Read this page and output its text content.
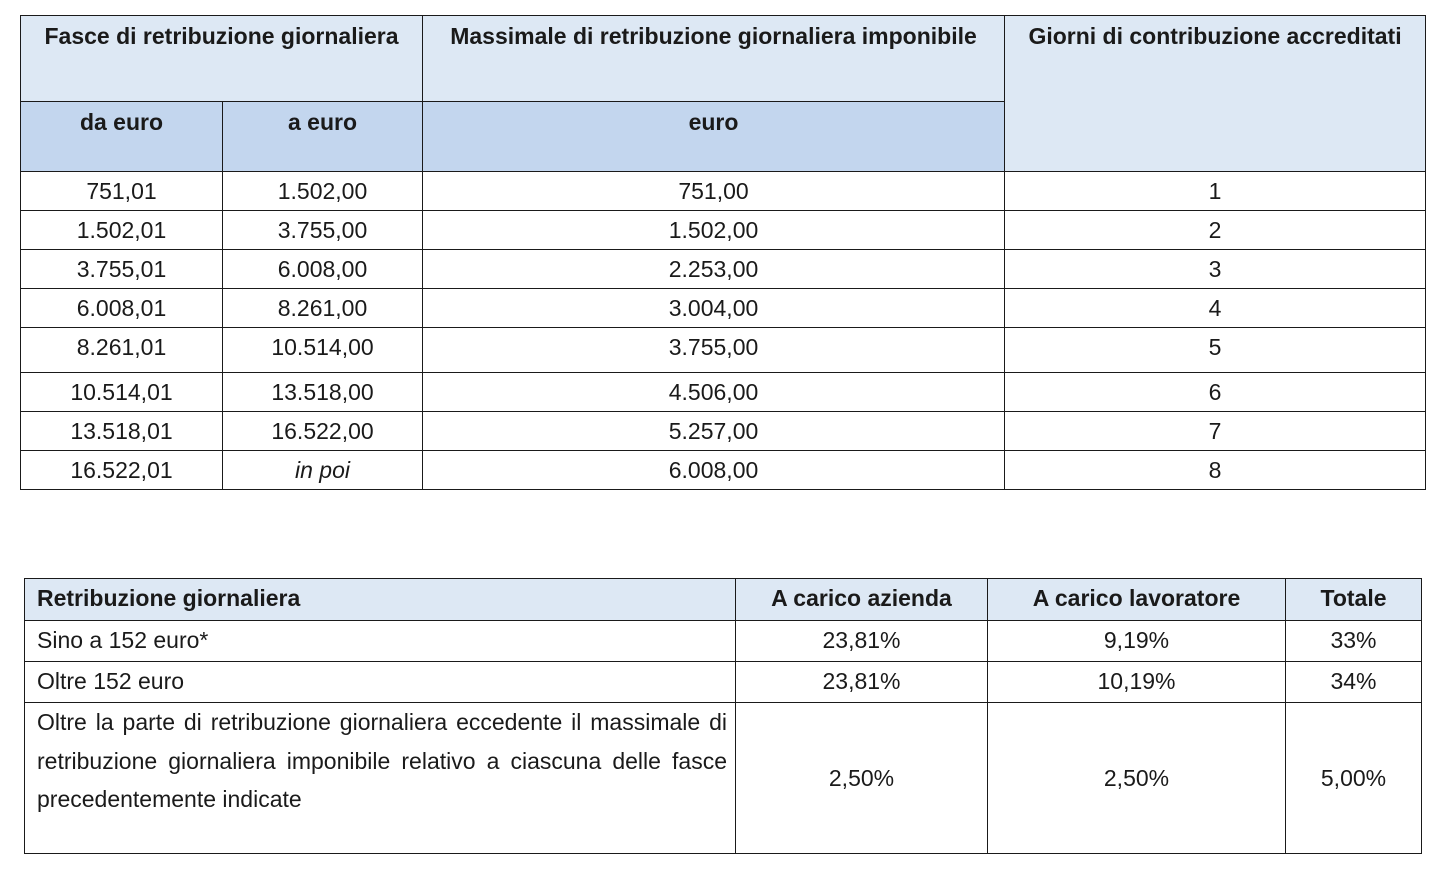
Fasce di retribuzione giornaliera		Massimale di retribuzione giornaliera imponibile	Giorni di contribuzione accreditati
da euro	a euro	euro	
751,01	1.502,00	751,00	1
1.502,01	3.755,00	1.502,00	2
3.755,01	6.008,00	2.253,00	3
6.008,01	8.261,00	3.004,00	4
8.261,01	10.514,00	3.755,00	5
10.514,01	13.518,00	4.506,00	6
13.518,01	16.522,00	5.257,00	7
16.522,01	in poi	6.008,00	8
Retribuzione giornaliera	A carico azienda	A carico lavoratore	Totale
Sino a 152 euro*	23,81%	9,19%	33%
Oltre 152 euro	23,81%	10,19%	34%
Oltre la parte di retribuzione giornaliera eccedente il massimale di retribuzione giornaliera imponibile relativo a ciascuna delle fasce precedentemente indicate	2,50%	2,50%	5,00%
